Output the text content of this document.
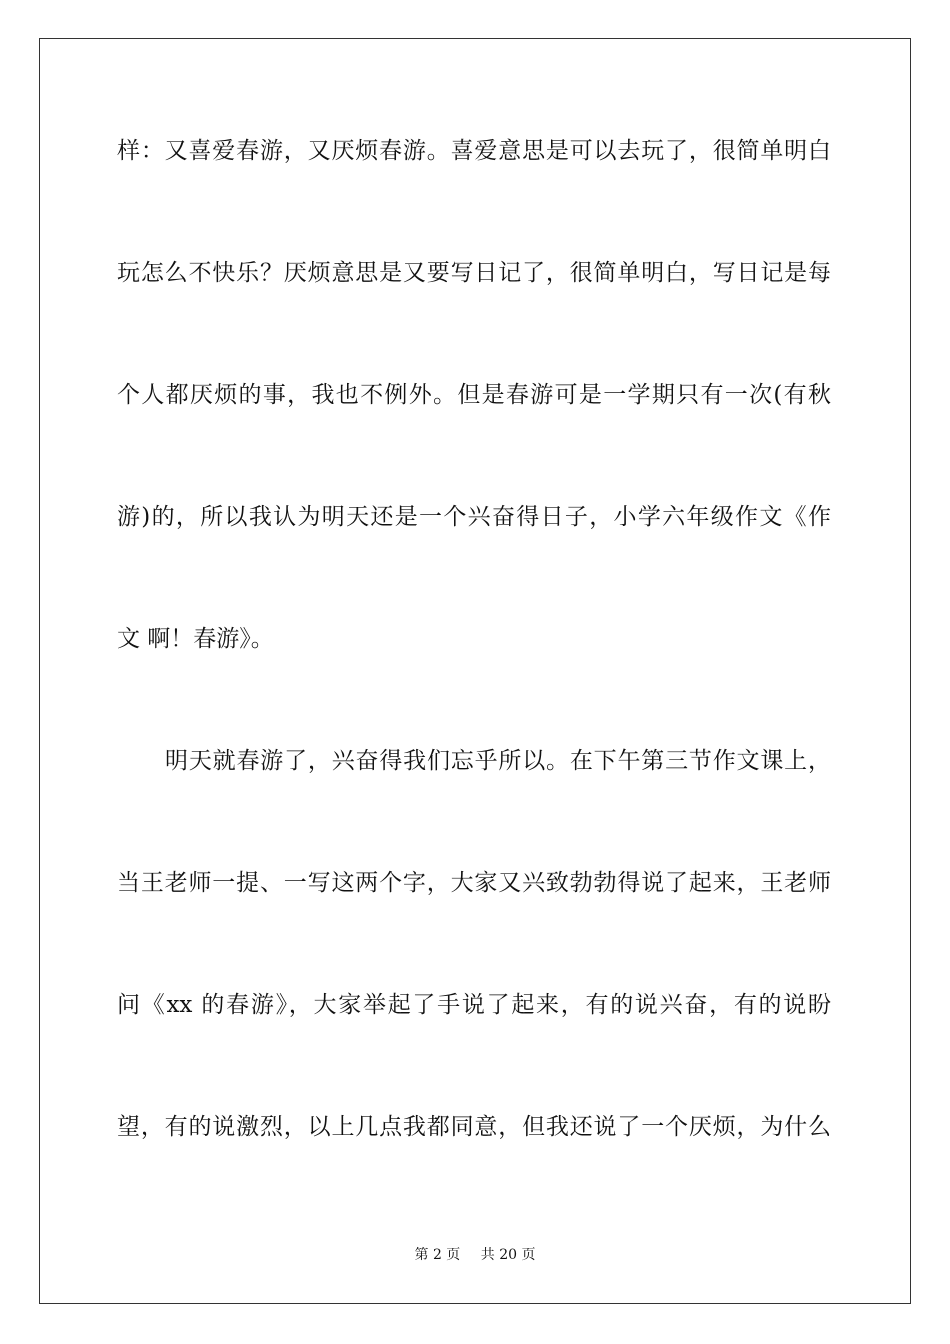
样：又喜爱春游，又厌烦春游。喜爱意思是可以去玩了，很简单明白
玩怎么不快乐？厌烦意思是又要写日记了，很简单明白，写日记是每
个人都厌烦的事，我也不例外。但是春游可是一学期只有一次(有秋
游)的，所以我认为明天还是一个兴奋得日子，小学六年级作文《作
文 啊！春游》。
明天就春游了，兴奋得我们忘乎所以。在下午第三节作文课上，
当王老师一提、一写这两个字，大家又兴致勃勃得说了起来，王老师
问《xx 的春游》，大家举起了手说了起来，有的说兴奋，有的说盼
望，有的说激烈，以上几点我都同意，但我还说了一个厌烦，为什么
第 2 页 共 20 页
